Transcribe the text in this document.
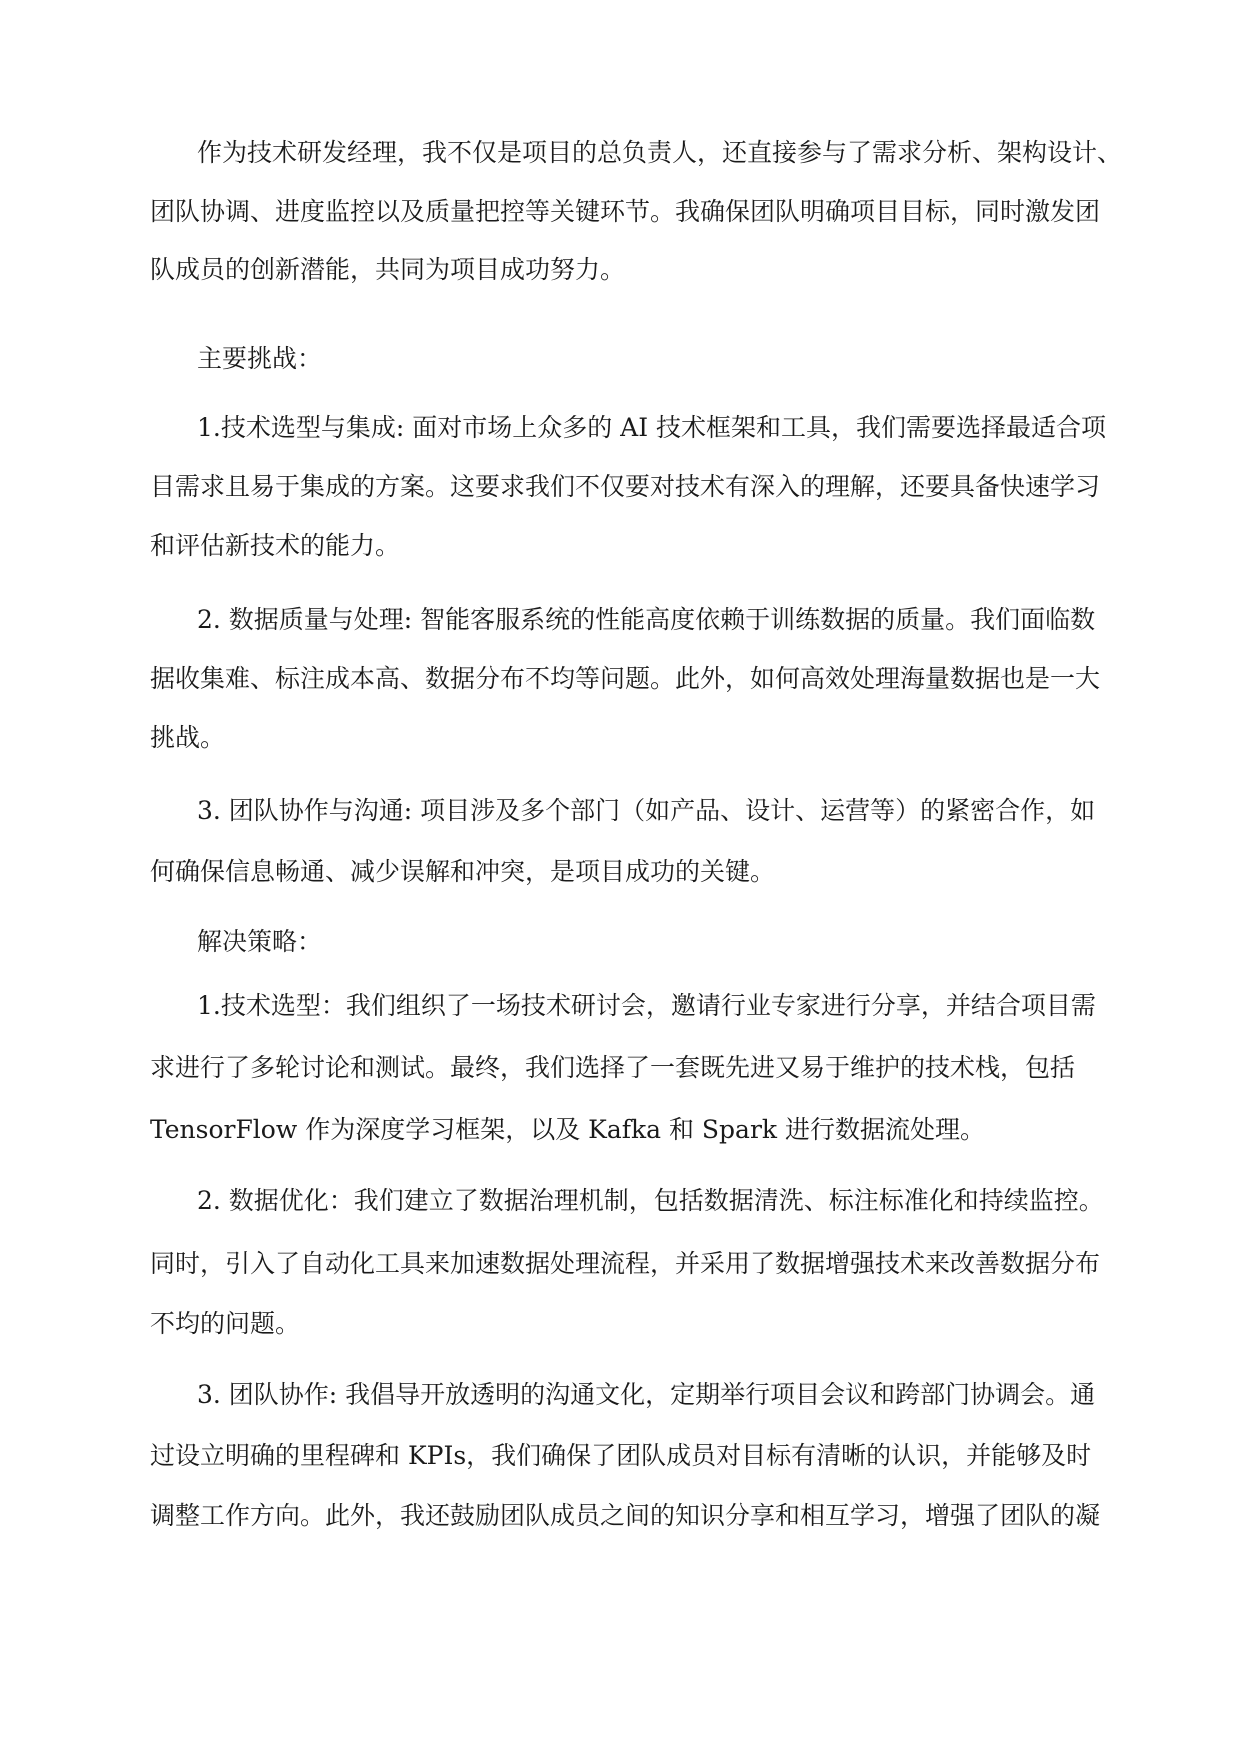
作为技术研发经理，我不仅是项目的总负责人，还直接参与了需求分析、架构设计、
团队协调、进度监控以及质量把控等关键环节。我确保团队明确项目目标，同时激发团
队成员的创新潜能，共同为项目成功努力。
主要挑战：
1.技术选型与集成: 面对市场上众多的 AI 技术框架和工具，我们需要选择最适合项
目需求且易于集成的方案。这要求我们不仅要对技术有深入的理解，还要具备快速学习
和评估新技术的能力。
2. 数据质量与处理: 智能客服系统的性能高度依赖于训练数据的质量。我们面临数
据收集难、标注成本高、数据分布不均等问题。此外，如何高效处理海量数据也是一大
挑战。
3. 团队协作与沟通: 项目涉及多个部门（如产品、设计、运营等）的紧密合作，如
何确保信息畅通、减少误解和冲突，是项目成功的关键。
解决策略：
1.技术选型：我们组织了一场技术研讨会，邀请行业专家进行分享，并结合项目需
求进行了多轮讨论和测试。最终，我们选择了一套既先进又易于维护的技术栈，包括
TensorFlow 作为深度学习框架，以及 Kafka 和 Spark 进行数据流处理。
2. 数据优化：我们建立了数据治理机制，包括数据清洗、标注标准化和持续监控。
同时，引入了自动化工具来加速数据处理流程，并采用了数据增强技术来改善数据分布
不均的问题。
3. 团队协作: 我倡导开放透明的沟通文化，定期举行项目会议和跨部门协调会。通
过设立明确的里程碑和 KPIs，我们确保了团队成员对目标有清晰的认识，并能够及时
调整工作方向。此外，我还鼓励团队成员之间的知识分享和相互学习，增强了团队的凝
